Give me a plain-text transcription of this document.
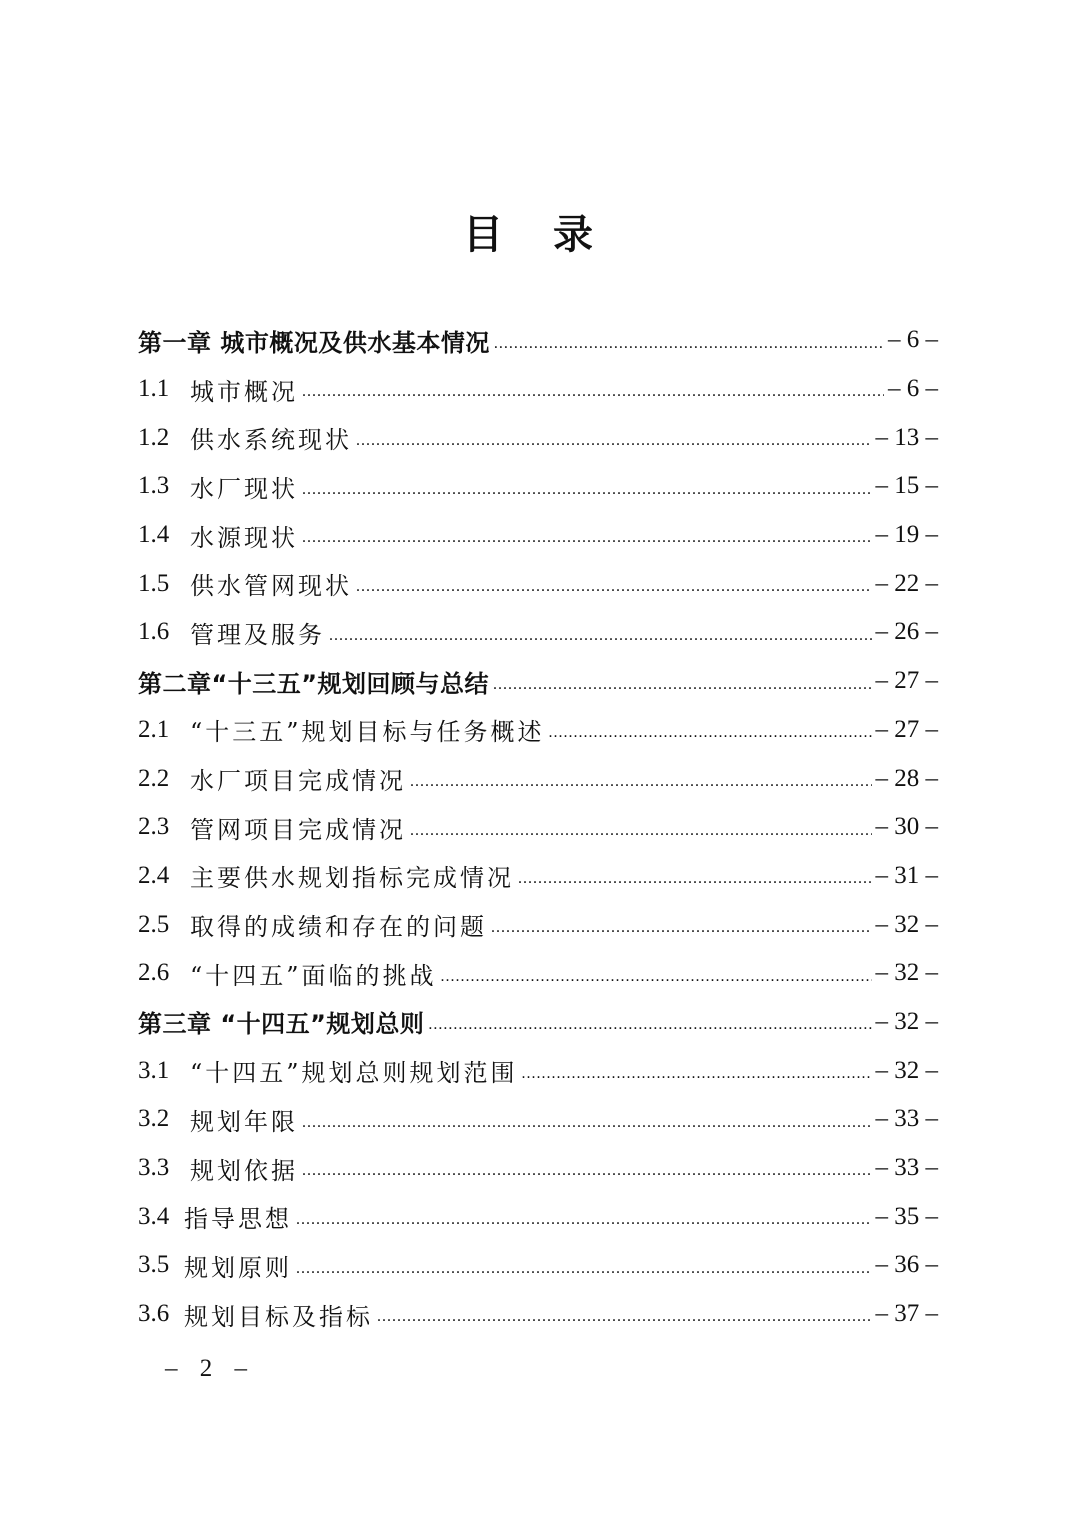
目 录
第一章 城市概况及供水基本情况 .....	– 6 –
1.1 城市概况 .....	– 6 –
1.2 供水系统现状 .....	– 13 –
1.3 水厂现状 .....	– 15 –
1.4 水源现状 .....	– 19 –
1.5 供水管网现状 .....	– 22 –
1.6 管理及服务 .....	– 26 –
第二章“十三五”规划回顾与总结 .....	– 27 –
2.1 “十三五”规划目标与任务概述 .....	– 27 –
2.2 水厂项目完成情况 .....	– 28 –
2.3 管网项目完成情况 .....	– 30 –
2.4 主要供水规划指标完成情况 .....	– 31 –
2.5 取得的成绩和存在的问题 .....	– 32 –
2.6 “十四五”面临的挑战 .....	– 32 –
第三章 “十四五”规划总则 .....	– 32 –
3.1 “十四五”规划总则规划范围 .....	– 32 –
3.2 规划年限 .....	– 33 –
3.3 规划依据 .....	– 33 –
3.4 指导思想 .....	– 35 –
3.5 规划原则 .....	– 36 –
3.6 规划目标及指标 .....	– 37 –
– 2 –
